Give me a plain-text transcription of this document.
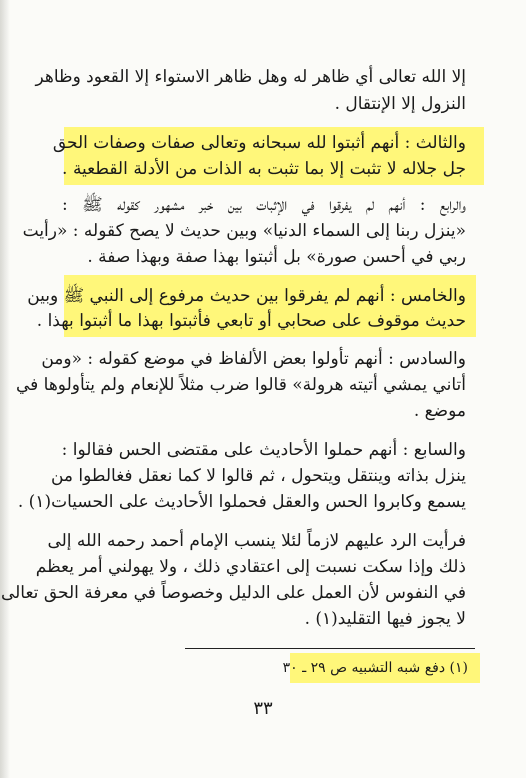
إلا الله تعالى أي ظاهر له وهل ظاهر الاستواء إلا القعود وظاهر
النزول إلا الإنتقال .
والثالث : أنهم أثبتوا لله سبحانه وتعالى صفات وصفات الحق
جل جلاله لا تثبت إلا بما تثبت به الذات من الأدلة القطعية .
والرابع : أنهم لم يفرقوا في الإثبات بين خبر مشهور كقوله ﷺ :
«ينزل ربنا إلى السماء الدنيا» وبين حديث لا يصح كقوله : «رأيت
ربي في أحسن صورة» بل أثبتوا بهذا صفة وبهذا صفة .
والخامس : أنهم لم يفرقوا بين حديث مرفوع إلى النبي ﷺ وبين
حديث موقوف على صحابي أو تابعي فأثبتوا بهذا ما أثبتوا بهذا .
والسادس : أنهم تأولوا بعض الألفاظ في موضع كقوله : «ومن
أتاني يمشي أتيته هرولة» قالوا ضرب مثلاً للإنعام ولم يتأولوها في
موضع .
والسابع : أنهم حملوا الأحاديث على مقتضى الحس فقالوا :
ينزل بذاته وينتقل ويتحول ، ثم قالوا لا كما نعقل فغالطوا من
يسمع وكابروا الحس والعقل فحملوا الأحاديث على الحسيات(١) .
فرأيت الرد عليهم لازماً لئلا ينسب الإمام أحمد رحمه الله إلى
ذلك وإذا سكت نسبت إلى اعتقادي ذلك ، ولا يهولني أمر يعظم
في النفوس لأن العمل على الدليل وخصوصاً في معرفة الحق تعالى
لا يجوز فيها التقليد(١) .
(١) دفع شبه التشبيه ص ٢٩ ـ ٣٠
٣٣
